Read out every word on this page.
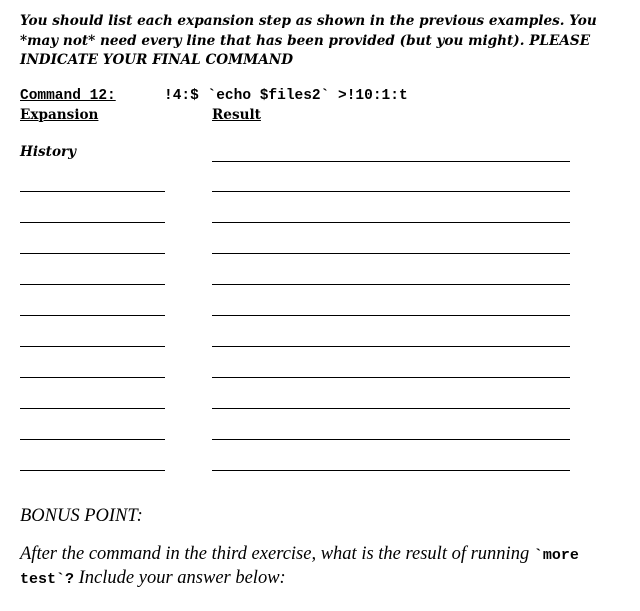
You should list each expansion step as shown in the previous examples. You *may not* need every line that has been provided (but you might). PLEASE INDICATE YOUR FINAL COMMAND
Command 12:	!4:$ `echo $files2` >!10:1:t
Expansion	Result
History
BONUS POINT:
After the command in the third exercise, what is the result of running `more test`? Include your answer below:
